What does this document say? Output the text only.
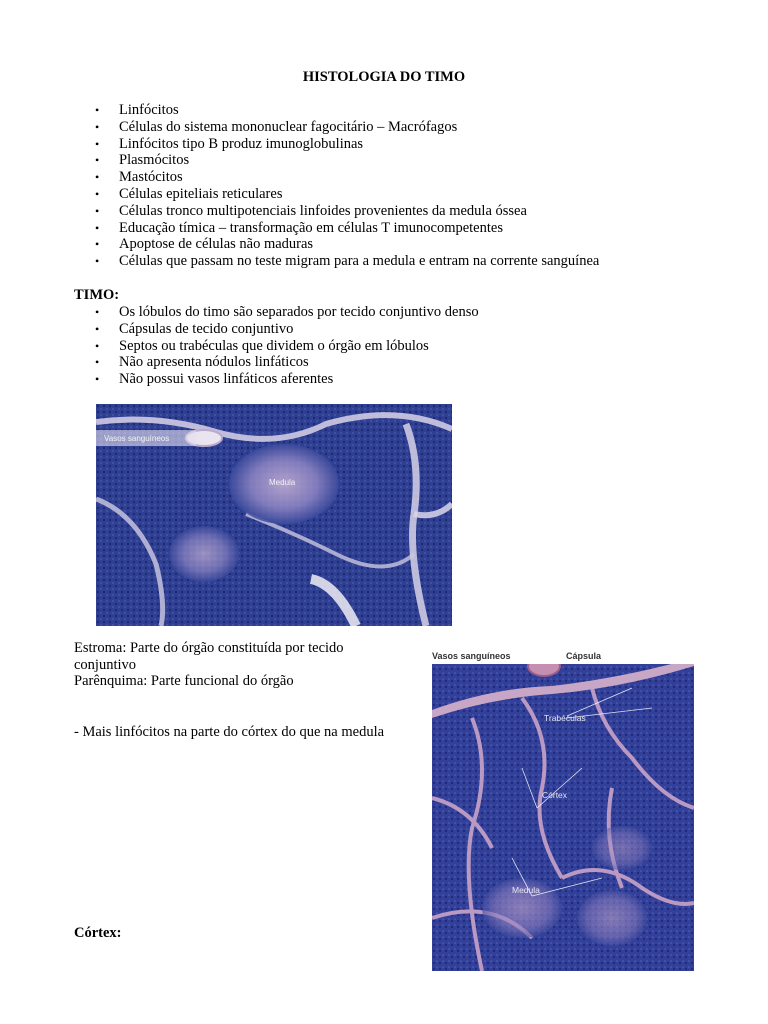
HISTOLOGIA DO TIMO
• Linfócitos
• Células do sistema mononuclear fagocitário – Macrófagos
• Linfócitos tipo B produz imunoglobulinas
• Plasmócitos
• Mastócitos
• Células epiteliais reticulares
• Células tronco multipotenciais linfoides provenientes da medula óssea
• Educação tímica – transformação em células T imunocompetentes
• Apoptose de células não maduras
• Células que passam no teste migram para a medula e entram na corrente sanguínea
TIMO:
• Os lóbulos do timo são separados por tecido conjuntivo denso
• Cápsulas de tecido conjuntivo
• Septos ou trabéculas que dividem o órgão em lóbulos
• Não apresenta nódulos linfáticos
• Não possui vasos linfáticos aferentes
Vasos sanguíneos
Medula
Estroma: Parte do órgão constituída por tecido conjuntivo
Parênquima: Parte funcional do órgão
- Mais linfócitos na parte do córtex do que na medula
Vasos sanguíneos	Cápsula
Trabéculas
Córtex
Medula
Córtex:
